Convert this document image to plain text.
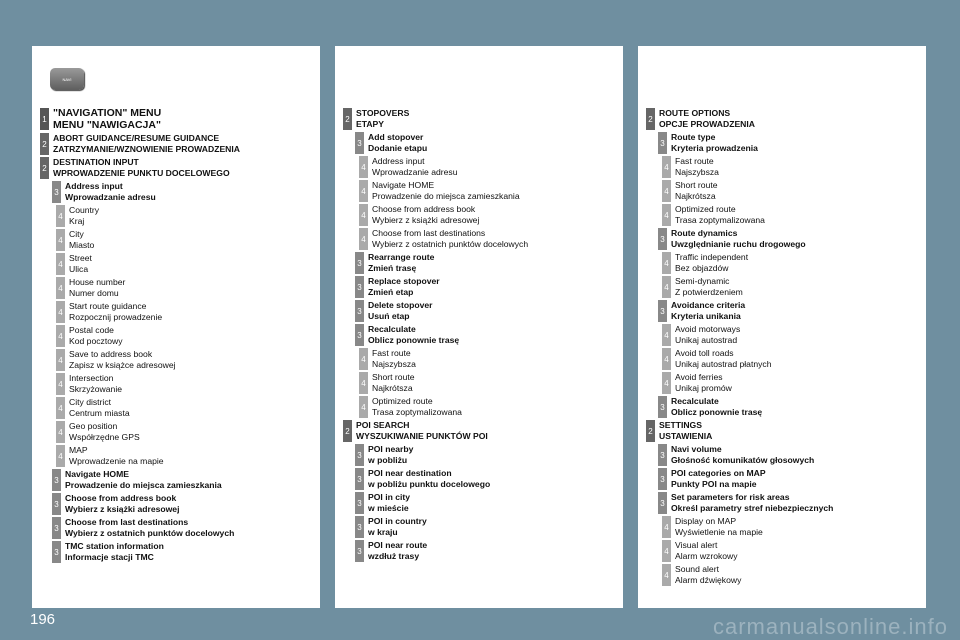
NAVI
1 "NAVIGATION" MENU
MENU "NAWIGACJA"
2
ABORT GUIDANCE/RESUME GUIDANCE
ZATRZYMANIE/WZNOWIENIE PROWADZENIA
2
DESTINATION INPUT
WPROWADZENIE PUNKTU DOCELOWEGO
3
Address input
Wprowadzanie adresu
4
Country
Kraj
4
City
Miasto
4
Street
Ulica
4
House number
Numer domu
4
Start route guidance
Rozpocznij prowadzenie
4
Postal code
Kod pocztowy
4
Save to address book
Zapisz w książce adresowej
4
Intersection
Skrzyżowanie
4
City district
Centrum miasta
4
Geo position
Współrzędne GPS
4
MAP
Wprowadzenie na mapie
3
Navigate HOME
Prowadzenie do miejsca zamieszkania
3
Choose from address book
Wybierz z książki adresowej
3
Choose from last destinations
Wybierz z ostatnich punktów docelowych
3
TMC station information
Informacje stacji TMC
2
STOPOVERS
ETAPY
3
Add stopover
Dodanie etapu
4
Address input
Wprowadzanie adresu
4
Navigate HOME
Prowadzenie do miejsca zamieszkania
4
Choose from address book
Wybierz z książki adresowej
4
Choose from last destinations
Wybierz z ostatnich punktów docelowych
3
Rearrange route
Zmień trasę
3
Replace stopover
Zmień etap
3
Delete stopover
Usuń etap
3
Recalculate
Oblicz ponownie trasę
4
Fast route
Najszybsza
4
Short route
Najkrótsza
4
Optimized route
Trasa zoptymalizowana
2
POI SEARCH
WYSZUKIWANIE PUNKTÓW POI
3
POI nearby
w pobliżu
3
POI near destination
w pobliżu punktu docelowego
3
POI in city
w mieście
3
POI in country
w kraju
3
POI near route
wzdłuż trasy
2
ROUTE OPTIONS
OPCJE PROWADZENIA
3
Route type
Kryteria prowadzenia
4
Fast route
Najszybsza
4
Short route
Najkrótsza
4
Optimized route
Trasa zoptymalizowana
3
Route dynamics
Uwzględnianie ruchu drogowego
4
Traffic independent
Bez objazdów
4
Semi-dynamic
Z potwierdzeniem
3
Avoidance criteria
Kryteria unikania
4
Avoid motorways
Unikaj autostrad
4
Avoid toll roads
Unikaj autostrad płatnych
4
Avoid ferries
Unikaj promów
3
Recalculate
Oblicz ponownie trasę
2
SETTINGS
USTAWIENIA
3
Navi volume
Głośność komunikatów głosowych
3
POI categories on MAP
Punkty POI na mapie
3
Set parameters for risk areas
Określ parametry stref niebezpiecznych
4
Display on MAP
Wyświetlenie na mapie
4
Visual alert
Alarm wzrokowy
4
Sound alert
Alarm dźwiękowy
196	carmanualsonline.info
